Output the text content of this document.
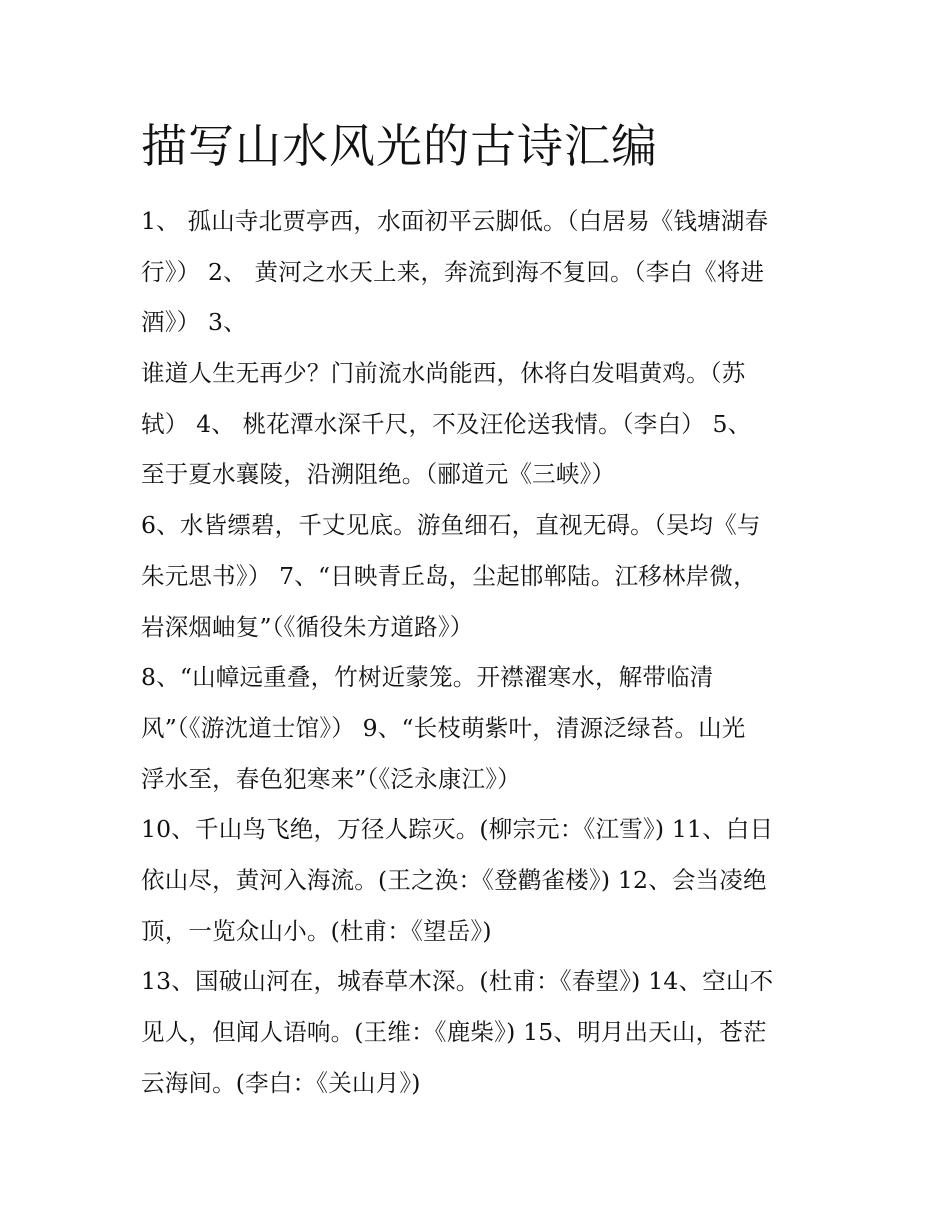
描写山水风光的古诗汇编
1、 孤山寺北贾亭西，水面初平云脚低。（白居易《钱塘湖春
行》） 2、 黄河之水天上来，奔流到海不复回。（李白《将进
酒》） 3、
谁道人生无再少？门前流水尚能西，休将白发唱黄鸡。（苏
轼） 4、 桃花潭水深千尺，不及汪伦送我情。（李白） 5、
至于夏水襄陵，沿溯阻绝。（郦道元《三峡》）
6、水皆缥碧，千丈见底。游鱼细石，直视无碍。（吴均《与
朱元思书》） 7、“日映青丘岛，尘起邯郸陆。江移林岸微，
岩深烟岫复”（《循役朱方道路》）
8、“山幛远重叠，竹树近蒙笼。开襟濯寒水，解带临清
风”（《游沈道士馆》） 9、“长枝萌紫叶，清源泛绿苔。山光
浮水至，春色犯寒来”（《泛永康江》）
10、千山鸟飞绝，万径人踪灭。(柳宗元：《江雪》) 11、白日
依山尽，黄河入海流。(王之涣：《登鹳雀楼》) 12、会当凌绝
顶，一览众山小。(杜甫：《望岳》)
13、国破山河在，城春草木深。(杜甫：《春望》) 14、空山不
见人，但闻人语响。(王维：《鹿柴》) 15、明月出天山，苍茫
云海间。(李白：《关山月》)
